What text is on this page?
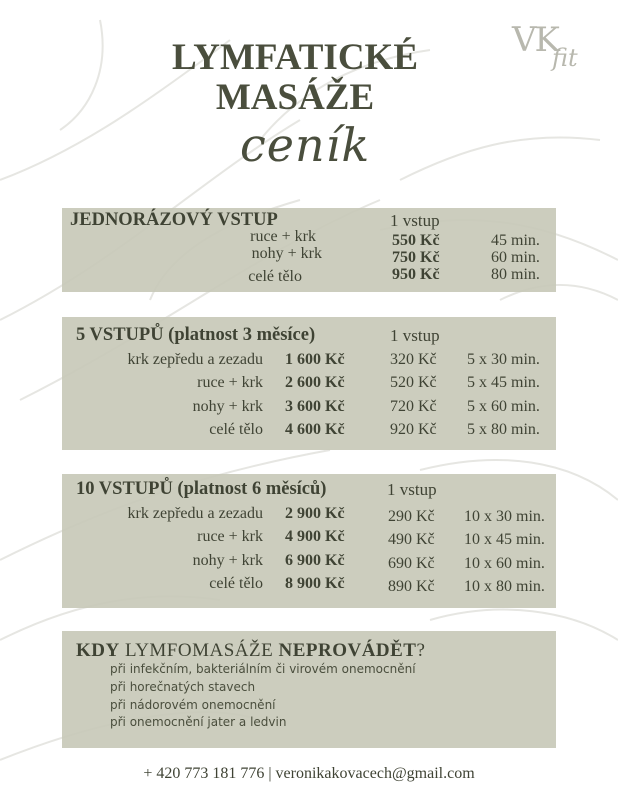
VK
fit
LYMFATICKÉ
MASÁŽE
ceník
JEDNORÁZOVÝ VSTUP	1 vstup
ruce + krk	550 Kč	45 min.
nohy + krk	750 Kč	60 min.
celé tělo	950 Kč	80 min.
5 VSTUPŮ (platnost 3 měsíce)	1 vstup
krk zepředu a zezadu 1 600 Kč	320 Kč 5 x 30 min.
ruce + krk 2 600 Kč	520 Kč 5 x 45 min.
nohy + krk 3 600 Kč	720 Kč 5 x 60 min.
celé tělo 4 600 Kč	920 Kč 5 x 80 min.
10 VSTUPŮ (platnost 6 měsíců)	1 vstup
krk zepředu a zezadu 2 900 Kč	290 Kč 10 x 30 min.
ruce + krk 4 900 Kč	490 Kč 10 x 45 min.
nohy + krk 6 900 Kč	690 Kč 10 x 60 min.
celé tělo 8 900 Kč	890 Kč 10 x 80 min.
KDY LYMFOMASÁŽE NEPROVÁDĚT?
při infekčním, bakteriálním či virovém onemocnění
při horečnatých stavech
při nádorovém onemocnění
při onemocnění jater a ledvin
+ 420 773 181 776 | veronikakovacech@gmail.com
